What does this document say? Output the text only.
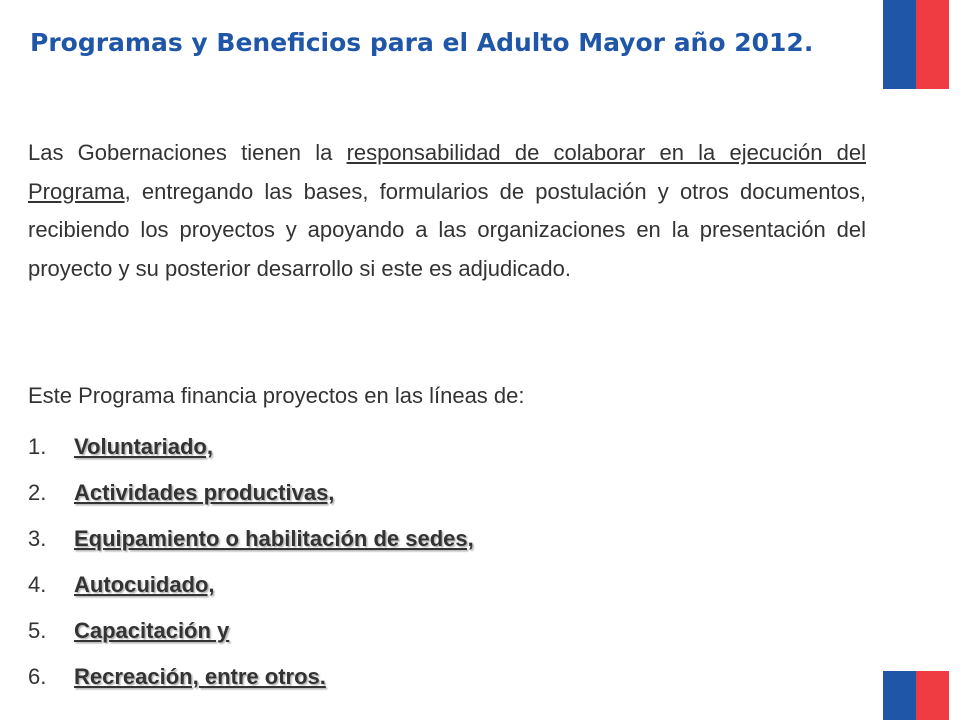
Programas y Beneficios para el Adulto Mayor año 2012.

Las Gobernaciones tienen la responsabilidad de colaborar en la ejecución del Programa, entregando las bases, formularios de postulación y otros documentos, recibiendo los proyectos y apoyando a las organizaciones en la presentación del proyecto y su posterior desarrollo si este es adjudicado.

Este Programa financia proyectos en las líneas de:

1.	Voluntariado,
2.	Actividades productivas,
3.	Equipamiento o habilitación de sedes,
4.	Autocuidado,
5.	Capacitación y
6.	Recreación, entre otros.
